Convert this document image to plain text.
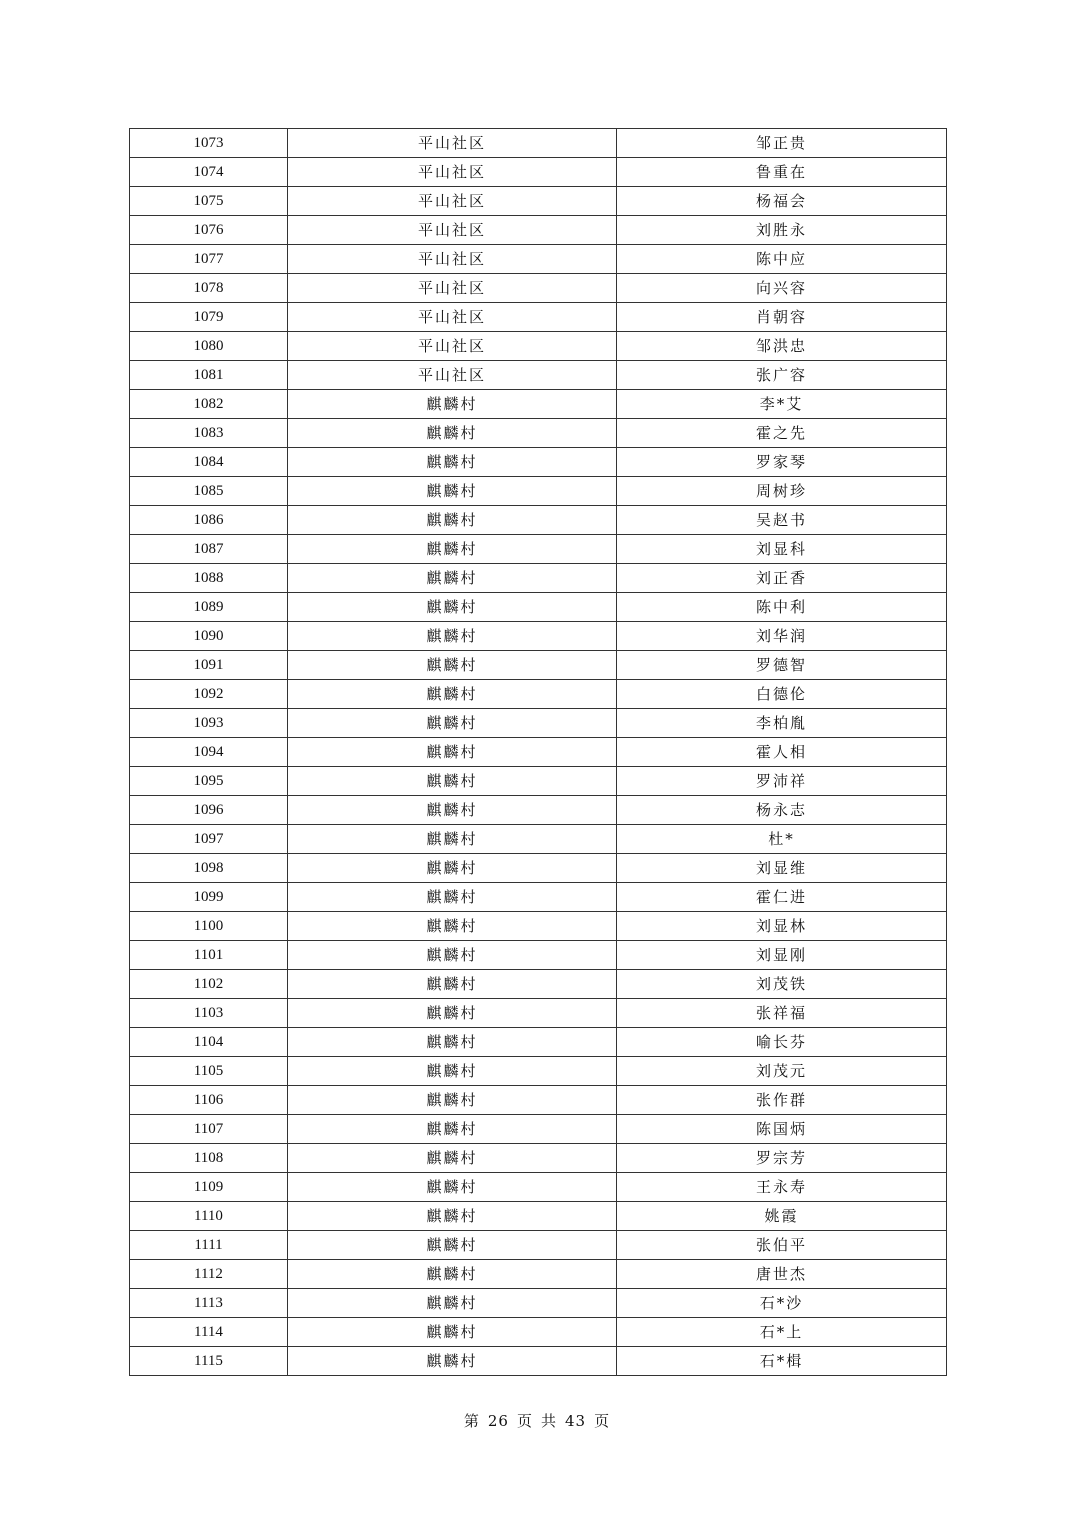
1073	平山社区	邹正贵
1074	平山社区	鲁重在
1075	平山社区	杨福会
1076	平山社区	刘胜永
1077	平山社区	陈中应
1078	平山社区	向兴容
1079	平山社区	肖朝容
1080	平山社区	邹洪忠
1081	平山社区	张广容
1082	麒麟村	李*艾
1083	麒麟村	霍之先
1084	麒麟村	罗家琴
1085	麒麟村	周树珍
1086	麒麟村	吴赵书
1087	麒麟村	刘显科
1088	麒麟村	刘正香
1089	麒麟村	陈中利
1090	麒麟村	刘华润
1091	麒麟村	罗德智
1092	麒麟村	白德伦
1093	麒麟村	李柏胤
1094	麒麟村	霍人相
1095	麒麟村	罗沛祥
1096	麒麟村	杨永志
1097	麒麟村	杜*
1098	麒麟村	刘显维
1099	麒麟村	霍仁进
1100	麒麟村	刘显林
1101	麒麟村	刘显刚
1102	麒麟村	刘茂铁
1103	麒麟村	张祥福
1104	麒麟村	喻长芬
1105	麒麟村	刘茂元
1106	麒麟村	张作群
1107	麒麟村	陈国炳
1108	麒麟村	罗宗芳
1109	麒麟村	王永寿
1110	麒麟村	姚霞
1111	麒麟村	张伯平
1112	麒麟村	唐世杰
1113	麒麟村	石*沙
1114	麒麟村	石*上
1115	麒麟村	石*楫
第 26 页 共 43 页
